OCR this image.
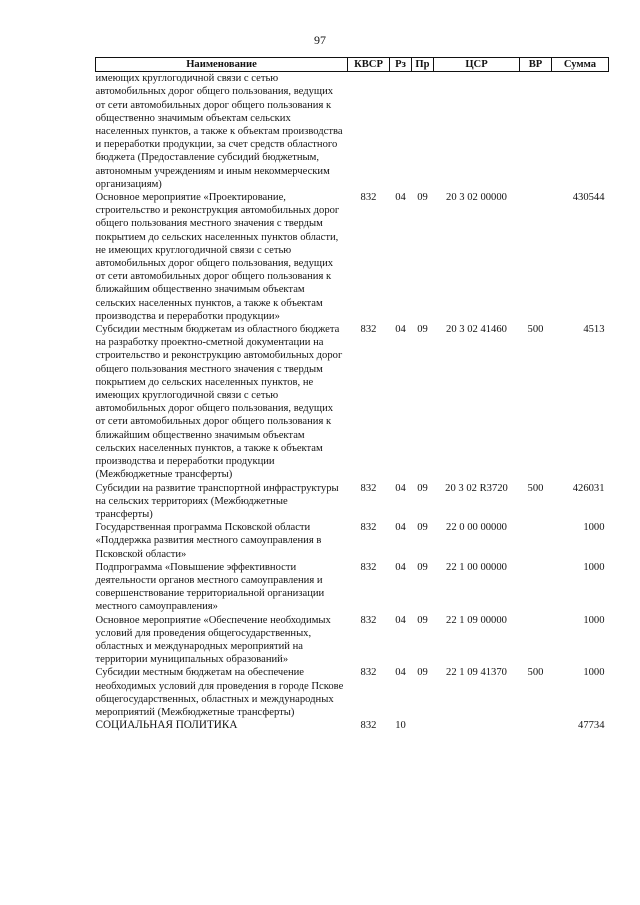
97
Наименование	КВСР	Рз	Пр	ЦСР	ВР	Сумма
имеющих круглогодичной связи с сетью автомобильных дорог общего пользования, ведущих от сети автомобильных дорог общего пользования к общественно значимым объектам сельских населенных пунктов, а также к объектам производства и переработки продукции, за счет средств областного бюджета (Предоставление субсидий бюджетным, автономным учреждениям и иным некоммерческим организациям)						
Основное мероприятие «Проектирование, строительство и реконструкция автомобильных дорог общего пользования местного значения с твердым покрытием до сельских населенных пунктов области, не имеющих круглогодичной связи с сетью автомобильных дорог общего пользования, ведущих от сети автомобильных дорог общего пользования к ближайшим общественно значимым объектам сельских населенных пунктов, а также к объектам производства и переработки продукции»	832	04	09	20 3 02 00000		430544
Субсидии местным бюджетам из областного бюджета на разработку проектно-сметной документации на строительство и реконструкцию автомобильных дорог общего пользования местного значения с твердым покрытием до сельских населенных пунктов, не имеющих круглогодичной связи с сетью автомобильных дорог общего пользования, ведущих от сети автомобильных дорог общего пользования к ближайшим общественно значимым объектам сельских населенных пунктов, а также к объектам производства и переработки продукции (Межбюджетные трансферты)	832	04	09	20 3 02 41460	500	4513
Субсидии на развитие транспортной инфраструктуры на сельских территориях (Межбюджетные трансферты)	832	04	09	20 3 02 R3720	500	426031
Государственная программа Псковской области «Поддержка развития местного самоуправления в Псковской области»	832	04	09	22 0 00 00000		1000
Подпрограмма «Повышение эффективности деятельности органов местного самоуправления и совершенствование территориальной организации местного самоуправления»	832	04	09	22 1 00 00000		1000
Основное мероприятие «Обеспечение необходимых условий для проведения общегосударственных, областных и международных мероприятий на территории муниципальных образований»	832	04	09	22 1 09 00000		1000
Субсидии местным бюджетам на обеспечение необходимых условий для проведения в городе Пскове общегосударственных, областных и международных мероприятий (Межбюджетные трансферты)	832	04	09	22 1 09 41370	500	1000
СОЦИАЛЬНАЯ ПОЛИТИКА	832	10				47734
